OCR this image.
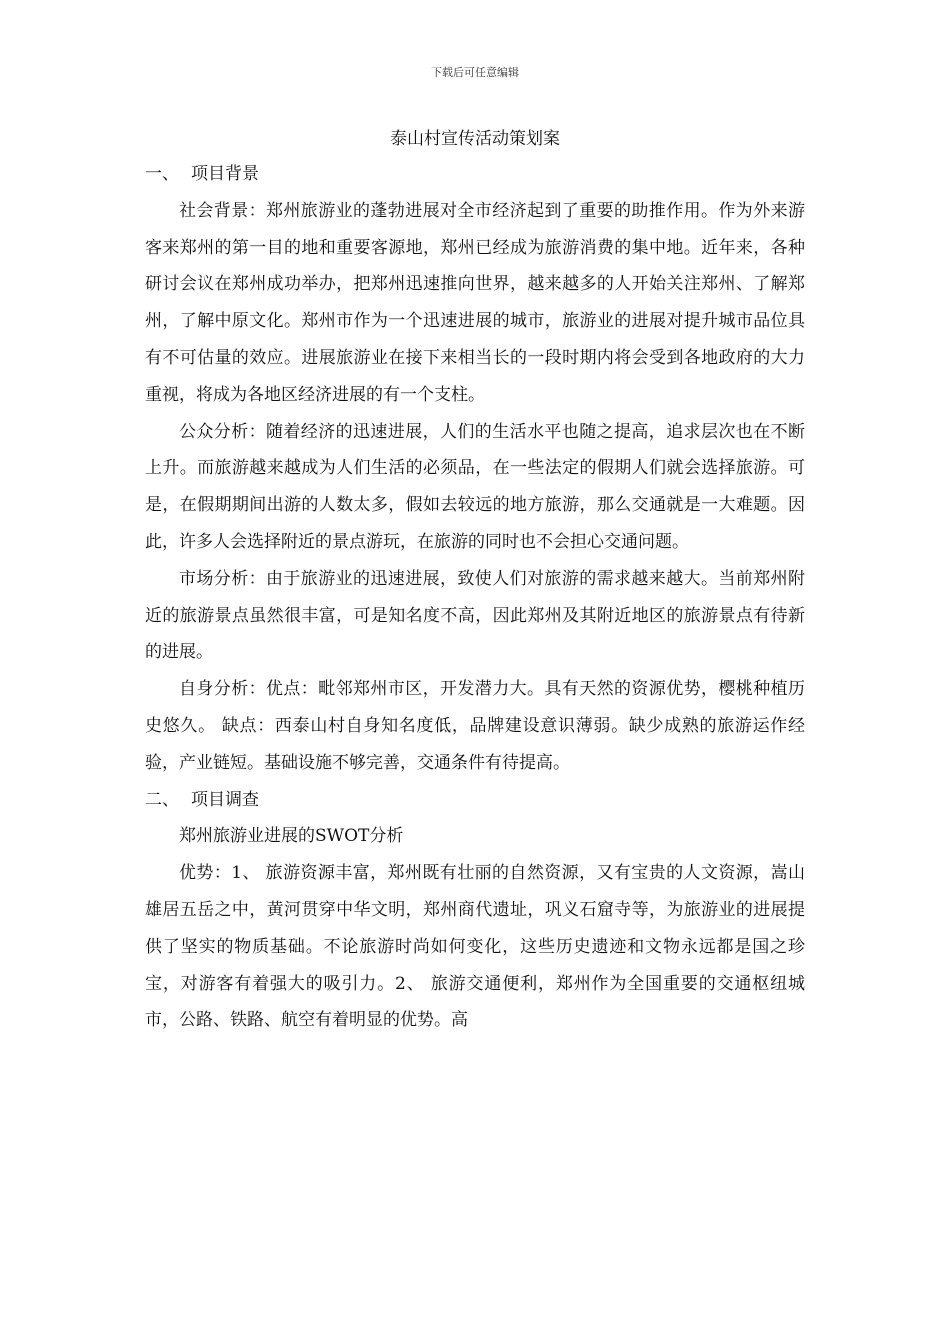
下载后可任意编辑
泰山村宣传活动策划案

一、 项目背景

社会背景：郑州旅游业的蓬勃进展对全市经济起到了重要的助推作用。作为外来游客来郑州的第一目的地和重要客源地，郑州已经成为旅游消费的集中地。近年来，各种研讨会议在郑州成功举办，把郑州迅速推向世界，越来越多的人开始关注郑州、了解郑州，了解中原文化。郑州市作为一个迅速进展的城市，旅游业的进展对提升城市品位具有不可估量的效应。进展旅游业在接下来相当长的一段时期内将会受到各地政府的大力重视，将成为各地区经济进展的有一个支柱。

公众分析：随着经济的迅速进展，人们的生活水平也随之提高，追求层次也在不断上升。而旅游越来越成为人们生活的必须品，在一些法定的假期人们就会选择旅游。可是，在假期期间出游的人数太多，假如去较远的地方旅游，那么交通就是一大难题。因此，许多人会选择附近的景点游玩，在旅游的同时也不会担心交通问题。

市场分析：由于旅游业的迅速进展，致使人们对旅游的需求越来越大。当前郑州附近的旅游景点虽然很丰富，可是知名度不高，因此郑州及其附近地区的旅游景点有待新的进展。

自身分析：优点：毗邻郑州市区，开发潜力大。具有天然的资源优势，樱桃种植历史悠久。 缺点：西泰山村自身知名度低，品牌建设意识薄弱。缺少成熟的旅游运作经验，产业链短。基础设施不够完善，交通条件有待提高。

二、 项目调查

郑州旅游业进展的SWOT分析

优势：1、 旅游资源丰富，郑州既有壮丽的自然资源，又有宝贵的人文资源，嵩山雄居五岳之中，黄河贯穿中华文明，郑州商代遗址，巩义石窟寺等，为旅游业的进展提供了坚实的物质基础。不论旅游时尚如何变化，这些历史遗迹和文物永远都是国之珍宝，对游客有着强大的吸引力。2、 旅游交通便利，郑州作为全国重要的交通枢纽城市，公路、铁路、航空有着明显的优势。高
